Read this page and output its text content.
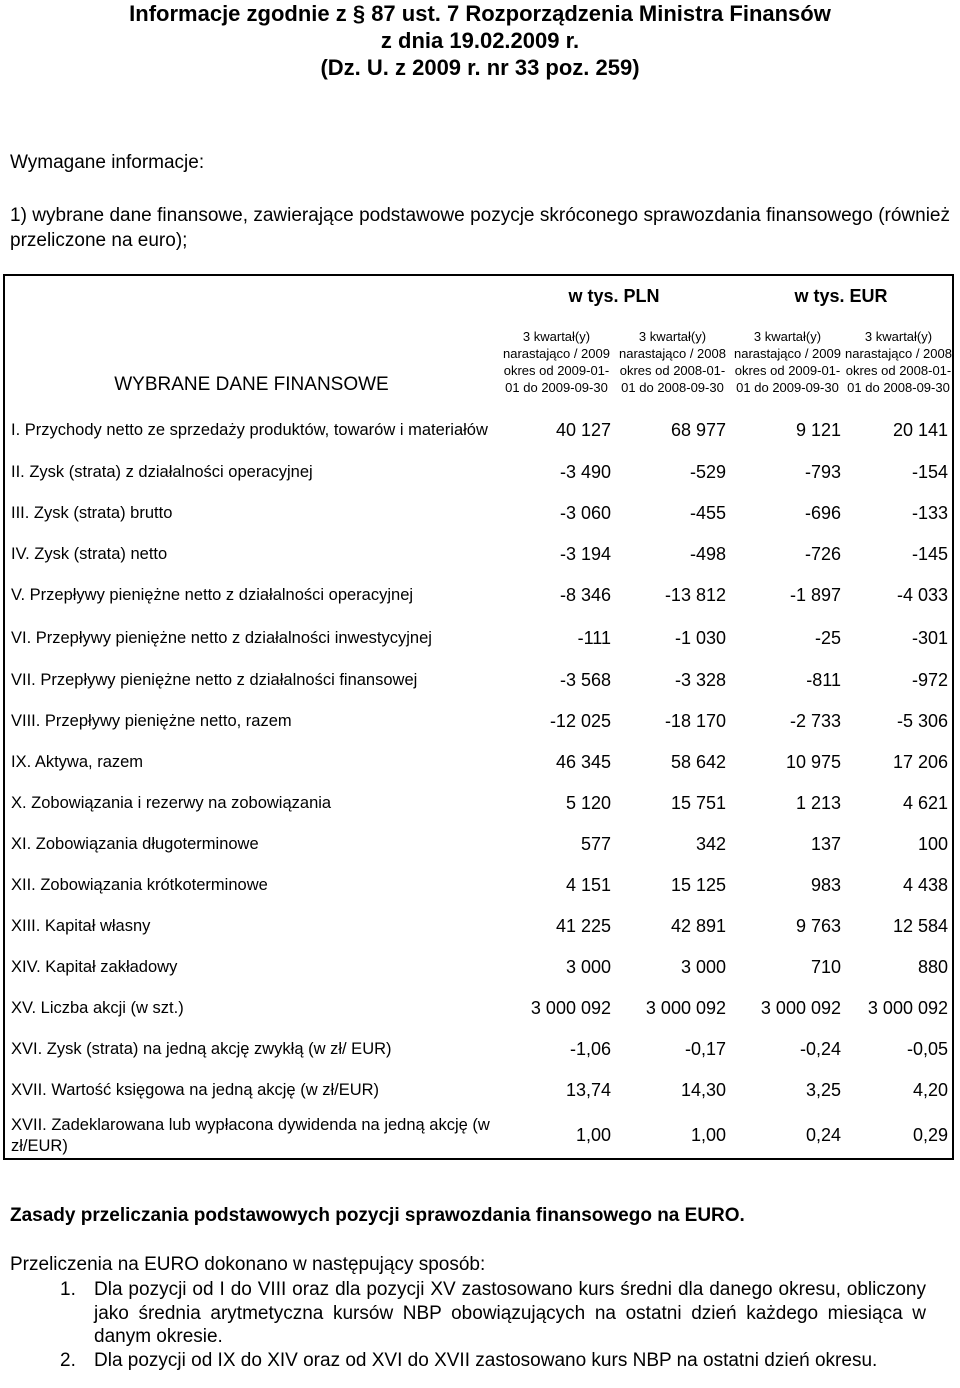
Informacje zgodnie z § 87 ust. 7 Rozporządzenia Ministra Finansów
z dnia 19.02.2009 r.
(Dz. U. z 2009 r. nr 33 poz. 259)
Wymagane informacje:
1) wybrane dane finansowe, zawierające podstawowe pozycje skróconego sprawozdania finansowego (również przeliczone na euro);
WYBRANE DANE FINANSOWE	w tys. PLN		w tys. EUR	
	3 kwartał(y) narastająco / 2009 okres od 2009-01-01 do 2009-09-30	3 kwartał(y) narastająco / 2008 okres od 2008-01-01 do 2008-09-30	3 kwartał(y) narastająco / 2009 okres od 2009-01-01 do 2009-09-30	3 kwartał(y) narastająco / 2008 okres od 2008-01-01 do 2008-09-30
I. Przychody netto ze sprzedaży produktów, towarów i materiałów	40 127	68 977	9 121	20 141
II. Zysk (strata) z działalności operacyjnej	-3 490	-529	-793	-154
III. Zysk (strata) brutto	-3 060	-455	-696	-133
IV. Zysk (strata) netto	-3 194	-498	-726	-145
V. Przepływy pieniężne netto z działalności operacyjnej	-8 346	-13 812	-1 897	-4 033
VI. Przepływy pieniężne netto z działalności inwestycyjnej	-111	-1 030	-25	-301
VII. Przepływy pieniężne netto z działalności finansowej	-3 568	-3 328	-811	-972
VIII. Przepływy pieniężne netto, razem	-12 025	-18 170	-2 733	-5 306
IX. Aktywa, razem	46 345	58 642	10 975	17 206
X. Zobowiązania i rezerwy na zobowiązania	5 120	15 751	1 213	4 621
XI. Zobowiązania długoterminowe	577	342	137	100
XII. Zobowiązania krótkoterminowe	4 151	15 125	983	4 438
XIII. Kapitał własny	41 225	42 891	9 763	12 584
XIV. Kapitał zakładowy	3 000	3 000	710	880
XV. Liczba akcji (w szt.)	3 000 092	3 000 092	3 000 092	3 000 092
XVI. Zysk (strata) na jedną akcję zwykłą (w zł/ EUR)	-1,06	-0,17	-0,24	-0,05
XVII. Wartość księgowa na jedną akcję (w zł/EUR)	13,74	14,30	3,25	4,20
XVII. Zadeklarowana lub wypłacona dywidenda na jedną akcję (w zł/EUR)	1,00	1,00	0,24	0,29
Zasady przeliczania podstawowych pozycji sprawozdania finansowego na EURO.
Przeliczenia na EURO dokonano w następujący sposób:
1. Dla pozycji od I do VIII oraz dla pozycji XV zastosowano kurs średni dla danego okresu, obliczony jako średnia arytmetyczna kursów NBP obowiązujących na ostatni dzień każdego miesiąca w danym okresie.
2. Dla pozycji od IX do XIV oraz od XVI do XVII zastosowano kurs NBP na ostatni dzień okresu.
